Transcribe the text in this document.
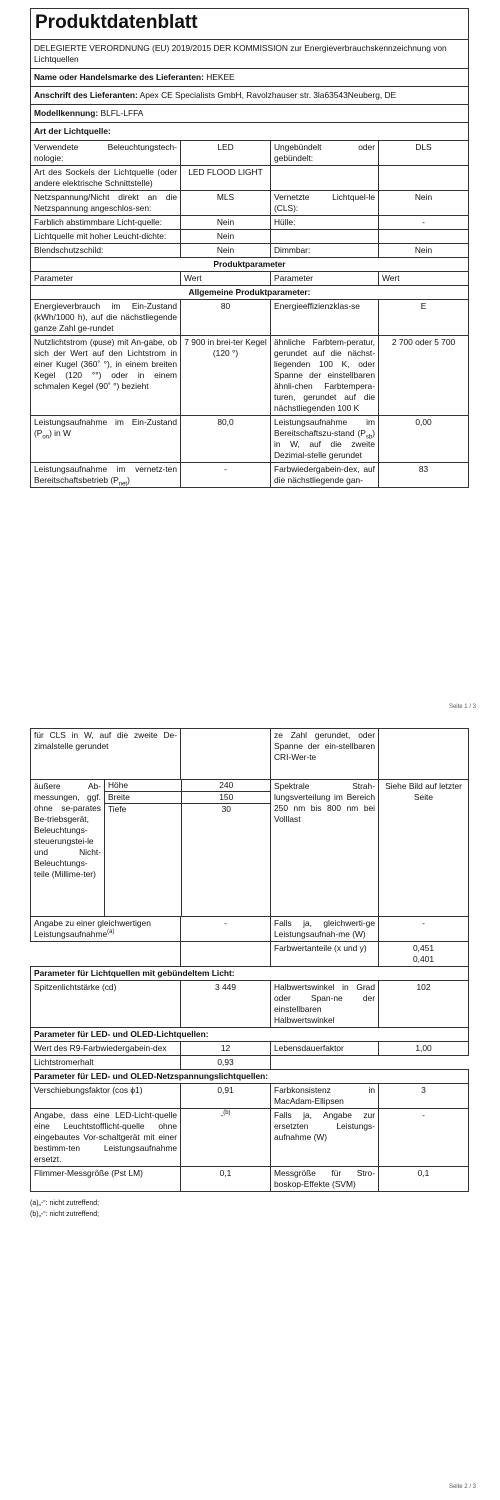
Produktdatenblatt			
DELEGIERTE VERORDNUNG (EU) 2019/2015 DER KOMMISSION zur Energieverbrauchskennzeichnung von Lichtquellen			
Name oder Handelsmarke des Lieferanten: HEKEE			
Anschrift des Lieferanten: Apex CE Specialists GmbH, Ravolzhauser str. 3la63543Neuberg, DE			
Modellkennung: BLFL-LFFA			
Art der Lichtquelle:			
Verwendete Beleuchtungstech-nologie:	LED	Ungebündelt oder gebündelt:	DLS
Art des Sockels der Lichtquelle (oder andere elektrische Schnittstelle)	LED FLOOD LIGHT		
Netzspannung/Nicht direkt an die Netzspannung angeschlos-sen:	MLS	Vernetzte Lichtquel-le (CLS):	Nein
Farblich abstimmbare Licht-quelle:	Nein	Hülle:	-
Lichtquelle mit hoher Leucht-dichte:	Nein		
Blendschutzschild:	Nein	Dimmbar:	Nein
Produktparameter			
Parameter	Wert	Parameter	Wert
Allgemeine Produktparameter:			
Energieverbrauch im Ein-Zustand (kWh/1000 h), auf die nächstliegende ganze Zahl ge-rundet	80	Energieeffizienzklas-se	E
Nutzlichtstrom (φuse) mit An-gabe, ob sich der Wert auf den Lichtstrom in einer Kugel (360˚ °), in einem breiten Kegel (120 °°) oder in einem schmalen Kegel (90˚ °) bezieht	7 900 in brei-ter Kegel (120 °)	ähnliche Farbtem-peratur, gerundet auf die nächst-liegenden 100 K, oder Spanne der einstellbaren ähnli-chen Farbtempera-turen, gerundet auf die nächstliegenden 100 K	2 700 oder 5 700
Leistungsaufnahme im Ein-Zustand $(P_{on})$ in W	80,0	Leistungsaufnahme im Bereitschaftszu-stand $(P_{sb})$ in W, auf die zweite Dezimal-stelle gerundet	0,00
Leistungsaufnahme im vernetz-ten Bereitschaftsbetrieb $(P_{net})$	-	Farbwiedergabein-dex, auf die nächstliegende gan-	83
Seite 1 / 3
für CLS in W, auf die zweite De-zimalstelle gerundet		ze Zahl gerundet, oder Spanne der ein-stellbaren CRI-Wer-te	
äußere Ab-messungen, ggf. ohne se-parates Be-triebsgerät, Beleuchtungs-steuerungstei-le und Nicht-Beleuchtungs-teile (Millime-ter)	
Höhe	240
Breite	150
Tiefe	30
	Spektrale Strah-lungsverteilung im Bereich 250 nm bis 800 nm bei Volllast	Siehe Bild auf letzter Seite
Angabe zu einer gleichwertigen Leistungsaufnahme$^{(a)}$	-	Falls ja, gleichwerti-ge Leistungsaufnah-me (W)	-
		Farbwertanteile (x und y)	0,451
0,401

Parameter für Lichtquellen mit gebündeltem Licht:
Spitzenlichtstärke (cd)	3 449	Halbwertswinkel in Grad oder Span-ne der einstellbaren Halbwertswinkel	102
Parameter für LED- und OLED-Lichtquellen:
Wert des R9-Farbwiedergabein-dex	12	Lebensdauerfaktor	1,00
Lichtstromerhalt	0,93		
Parameter für LED- und OLED-Netzspannungslichtquellen:
Verschiebungsfaktor (cos ϕ1)	0,91	Farbkonsistenz in MacAdam-Ellipsen	3
Angabe, dass eine LED-Licht-quelle eine Leuchtstofflicht-quelle ohne eingebautes Vor-schaltgerät mit einer bestimm-ten Leistungsaufnahme ersetzt.	-$^{(b)}$	Falls ja, Angabe zur ersetzten Leistungs-aufnahme (W)	-
Flimmer-Messgröße (Pst LM)	0,1	Messgröße für Stro-boskop-Effekte (SVM)	0,1
(a)„-“: nicht zutreffend;
(b)„-“: nicht zutreffend;
Seite 2 / 3
